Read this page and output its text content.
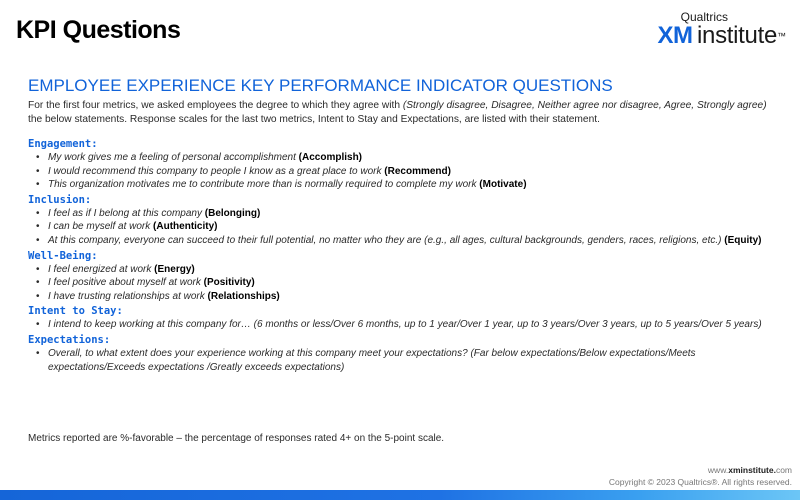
KPI Questions	Qualtrics
XM institute™
EMPLOYEE EXPERIENCE KEY PERFORMANCE INDICATOR QUESTIONS
For the first four metrics, we asked employees the degree to which they agree with (Strongly disagree, Disagree, Neither agree nor disagree, Agree, Strongly agree) the below statements. Response scales for the last two metrics, Intent to Stay and Expectations, are listed with their statement.
Engagement:
• My work gives me a feeling of personal accomplishment (Accomplish)
• I would recommend this company to people I know as a great place to work (Recommend)
• This organization motivates me to contribute more than is normally required to complete my work (Motivate)
Inclusion:
• I feel as if I belong at this company (Belonging)
• I can be myself at work (Authenticity)
• At this company, everyone can succeed to their full potential, no matter who they are (e.g., all ages, cultural backgrounds, genders, races, religions, etc.) (Equity)
Well-Being:
• I feel energized at work (Energy)
• I feel positive about myself at work (Positivity)
• I have trusting relationships at work (Relationships)
Intent to Stay:
• I intend to keep working at this company for… (6 months or less/Over 6 months, up to 1 year/Over 1 year, up to 3 years/Over 3 years, up to 5 years/Over 5 years)
Expectations:
• Overall, to what extent does your experience working at this company meet your expectations? (Far below expectations/Below expectations/Meets expectations/Exceeds expectations /Greatly exceeds expectations)
Metrics reported are %-favorable – the percentage of responses rated 4+ on the 5-point scale.
www.xminstitute.com
Copyright © 2023 Qualtrics®. All rights reserved.
